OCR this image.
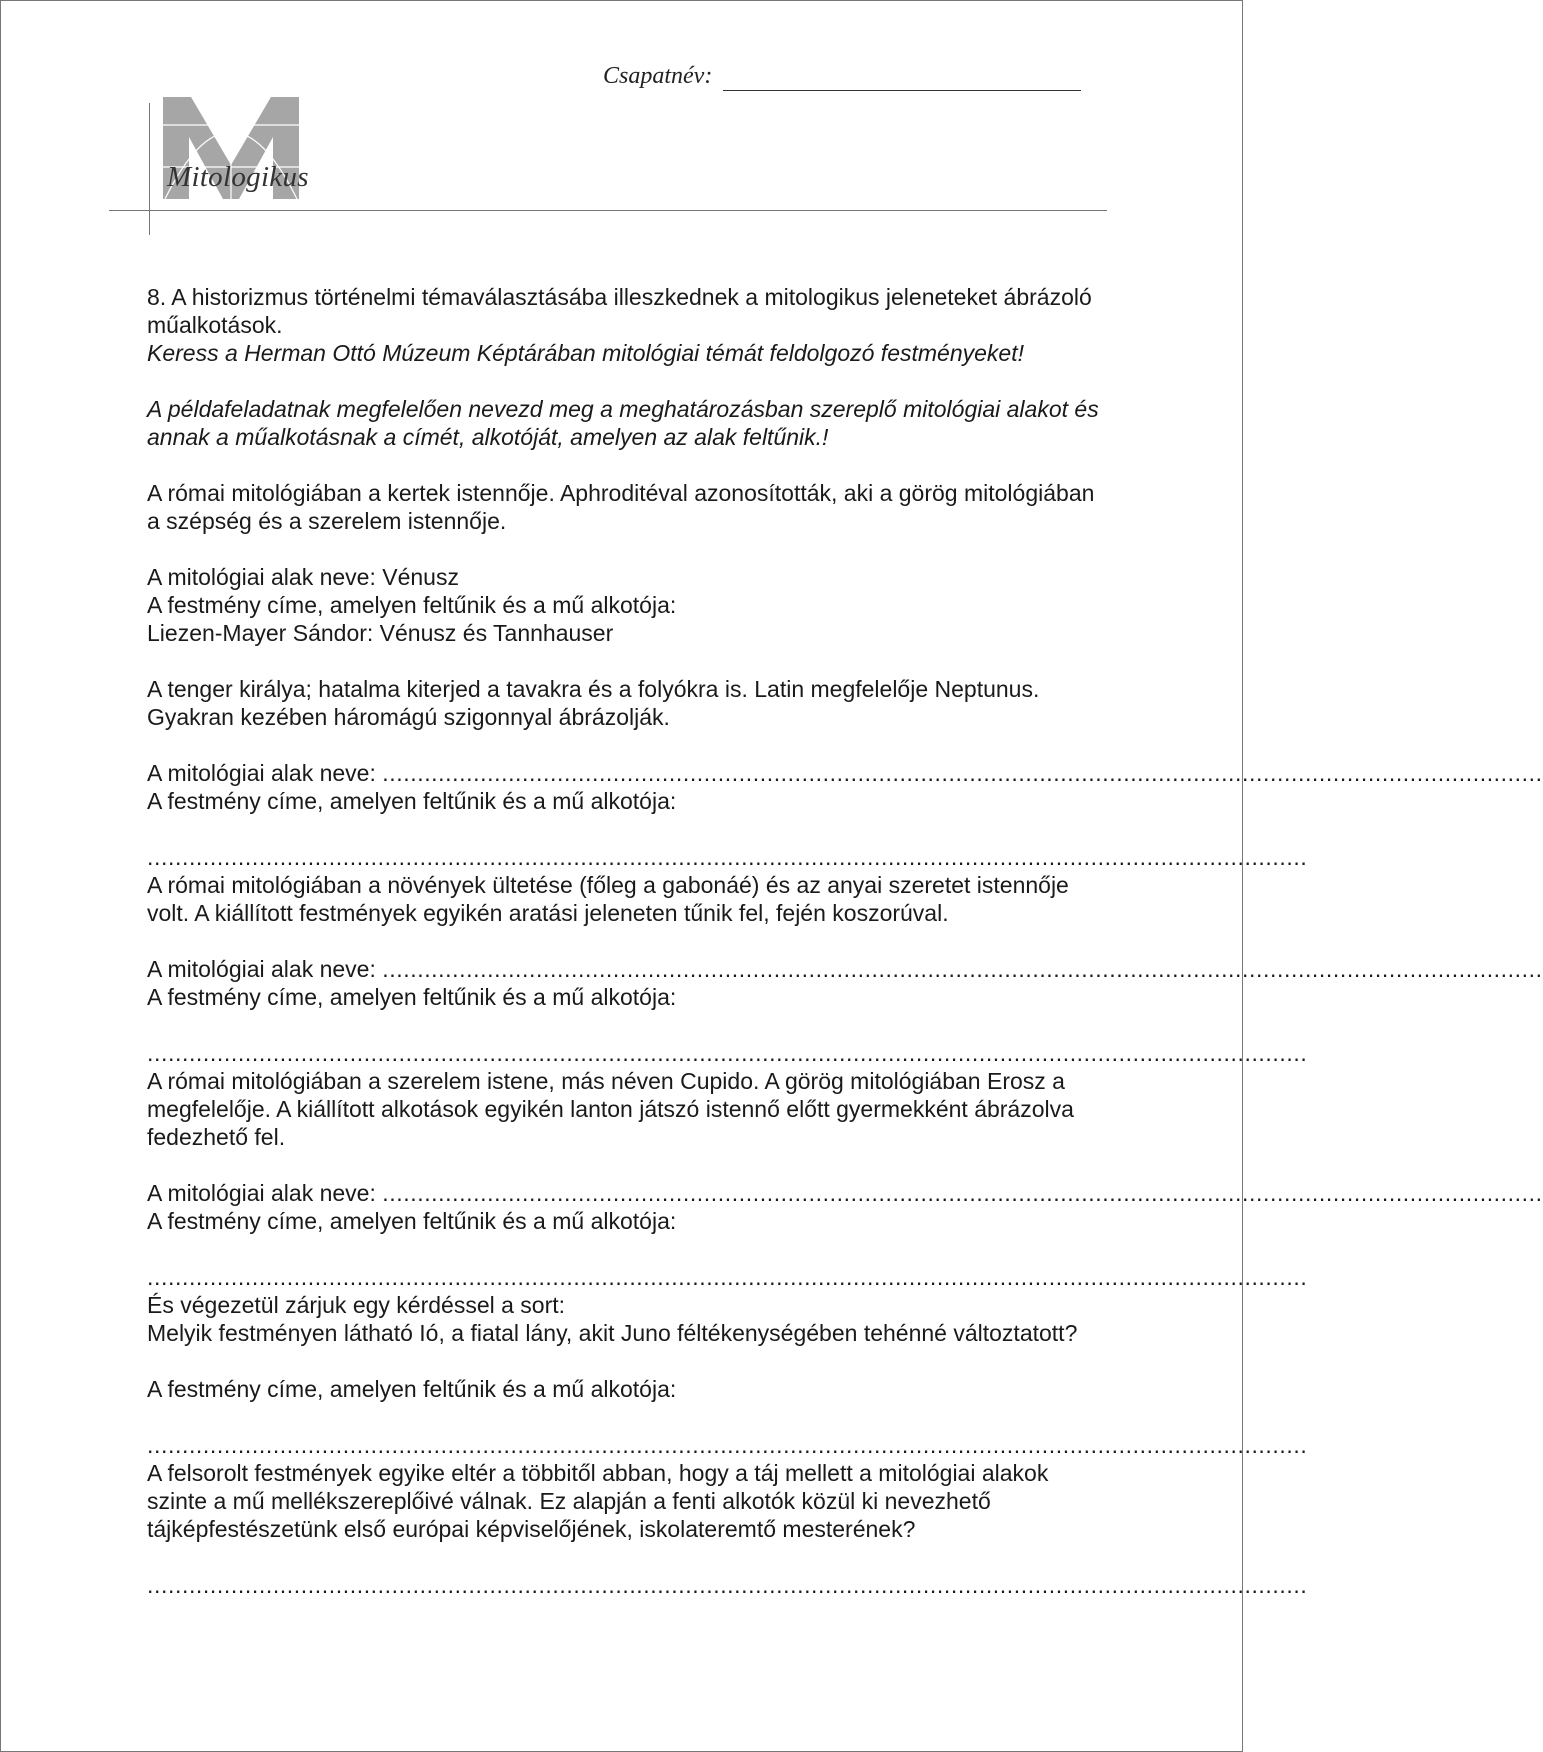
Csapatnév:
Mitologikus

8. A historizmus történelmi témaválasztásába illeszkednek a mitologikus jeleneteket ábrázoló műalkotások.

Keress a Herman Ottó Múzeum Képtárában mitológiai témát feldolgozó festményeket!

A példafeladatnak megfelelően nevezd meg a meghatározásban szereplő mitológiai alakot és annak a műalkotásnak a címét, alkotóját, amelyen az alak feltűnik.!

A római mitológiában a kertek istennője. Aphroditéval azonosították, aki a görög mitológiában a szépség és a szerelem istennője.

A mitológiai alak neve: Vénusz

A festmény címe, amelyen feltűnik és a mű alkotója:

Liezen-Mayer Sándor: Vénusz és Tannhauser

A tenger királya; hatalma kiterjed a tavakra és a folyókra is. Latin megfelelője Neptunus. Gyakran kezében háromágú szigonnyal ábrázolják.

A mitológiai alak neve: ......................................................................................................................................................................

A festmény címe, amelyen feltűnik és a mű alkotója:

......................................................................................................................................................................

A római mitológiában a növények ültetése (főleg a gabonáé) és az anyai szeretet istennője volt. A kiállított festmények egyikén aratási jeleneten tűnik fel, fején koszorúval.

A mitológiai alak neve: ......................................................................................................................................................................

A festmény címe, amelyen feltűnik és a mű alkotója:

......................................................................................................................................................................

A római mitológiában a szerelem istene, más néven Cupido. A görög mitológiában Erosz a megfelelője. A kiállított alkotások egyikén lanton játszó istennő előtt gyermekként ábrázolva fedezhető fel.

A mitológiai alak neve: ......................................................................................................................................................................

A festmény címe, amelyen feltűnik és a mű alkotója:

......................................................................................................................................................................

És végezetül zárjuk egy kérdéssel a sort:

Melyik festményen látható Ió, a fiatal lány, akit Juno féltékenységében tehénné változtatott?

A festmény címe, amelyen feltűnik és a mű alkotója:

......................................................................................................................................................................

A felsorolt festmények egyike eltér a többitől abban, hogy a táj mellett a mitológiai alakok szinte a mű mellékszereplőivé válnak. Ez alapján a fenti alkotók közül ki nevezhető tájképfestészetünk első európai képviselőjének, iskolateremtő mesterének?

......................................................................................................................................................................
